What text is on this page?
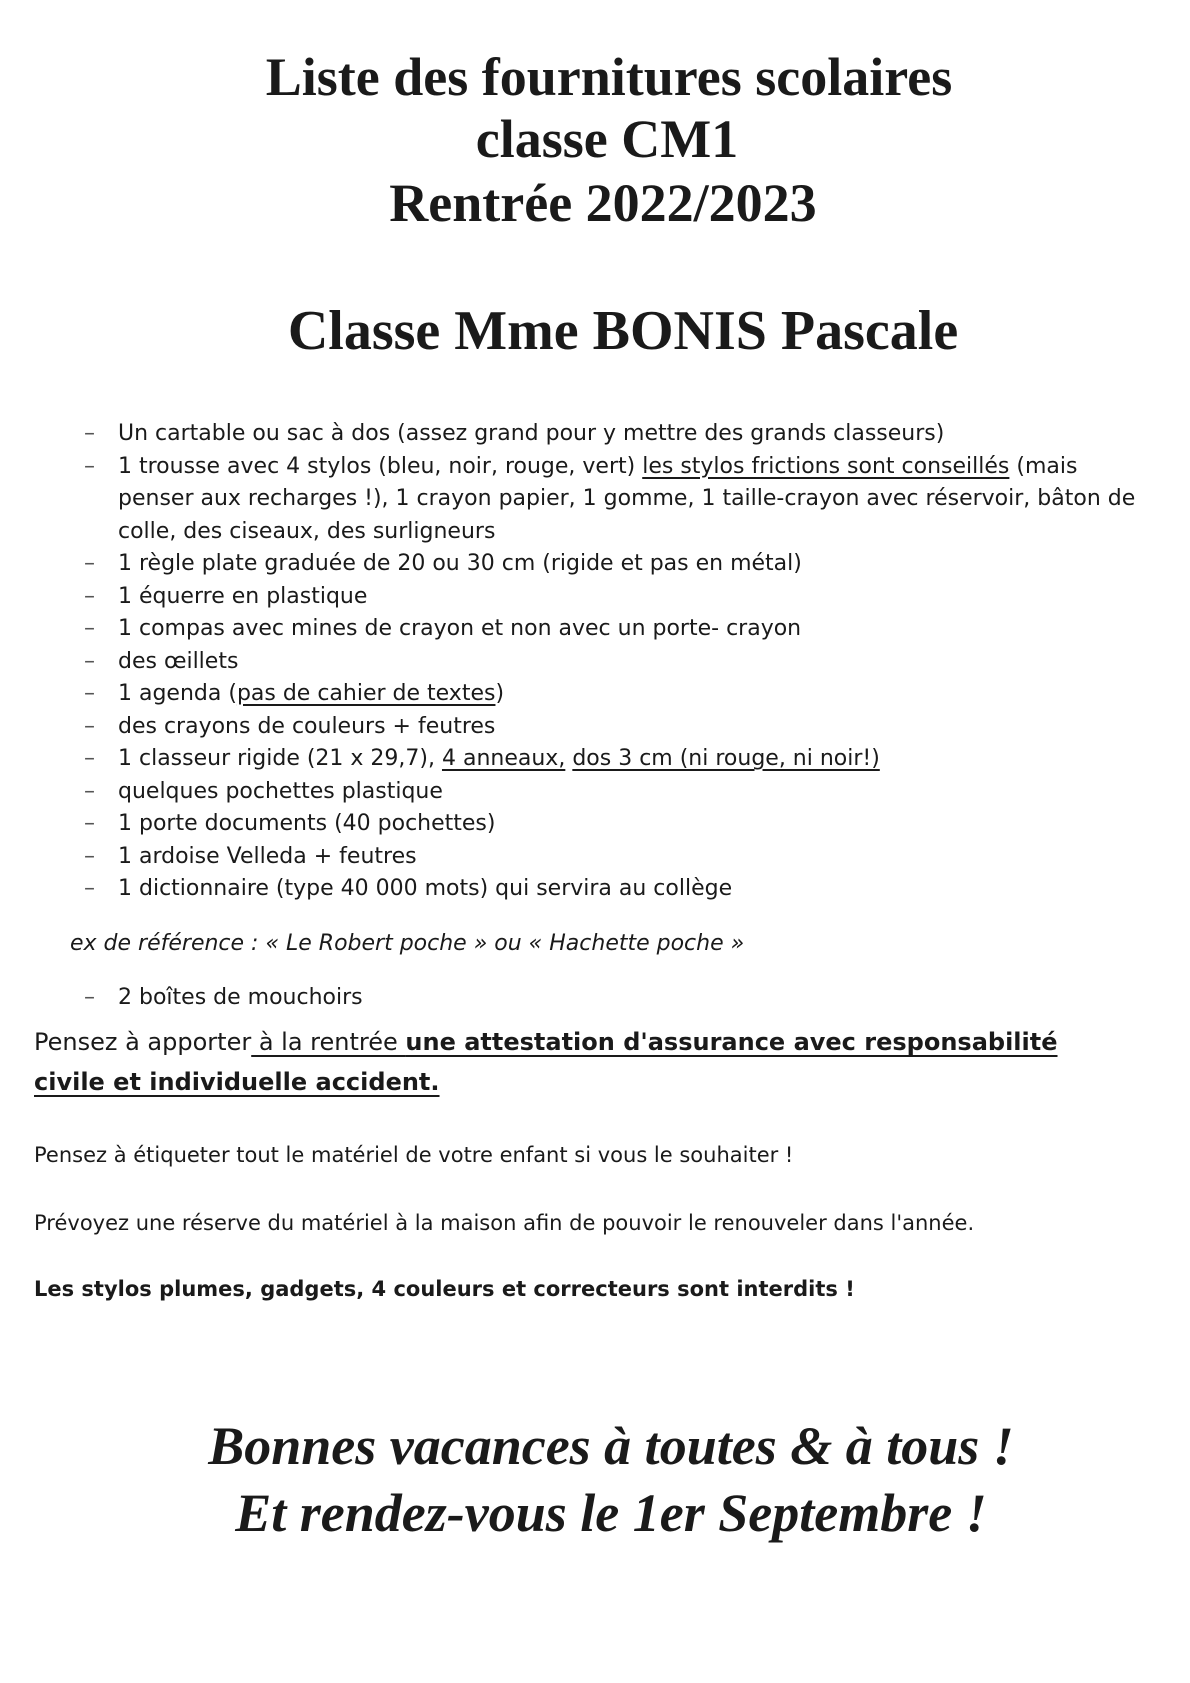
Liste des fournitures scolaires
classe CM1
Rentrée 2022/2023
Classe Mme BONIS Pascale

– Un cartable ou sac à dos (assez grand pour y mettre des grands classeurs)

– 1 trousse avec 4 stylos (bleu, noir, rouge, vert) les stylos frictions sont conseillés (mais penser aux recharges !), 1 crayon papier, 1 gomme, 1 taille-crayon avec réservoir, bâton de colle, des ciseaux, des surligneurs

– 1 règle plate graduée de 20 ou 30 cm (rigide et pas en métal)

– 1 équerre en plastique

– 1 compas avec mines de crayon et non avec un porte- crayon

– des œillets

– 1 agenda (pas de cahier de textes)

– des crayons de couleurs + feutres

– 1 classeur rigide (21 x 29,7), 4 anneaux, dos 3 cm (ni rouge, ni noir!)

– quelques pochettes plastique

– 1 porte documents (40 pochettes)

– 1 ardoise Velleda + feutres

– 1 dictionnaire (type 40 000 mots) qui servira au collège

ex de référence : « Le Robert poche » ou « Hachette poche »

– 2 boîtes de mouchoirs

Pensez à apporter à la rentrée une attestation d'assurance avec responsabilité civile et individuelle accident.
Pensez à étiqueter tout le matériel de votre enfant si vous le souhaiter !
Prévoyez une réserve du matériel à la maison afin de pouvoir le renouveler dans l'année.
Les stylos plumes, gadgets, 4 couleurs et correcteurs sont interdits !
Bonnes vacances à toutes & à tous !
Et rendez-vous le 1er Septembre !
